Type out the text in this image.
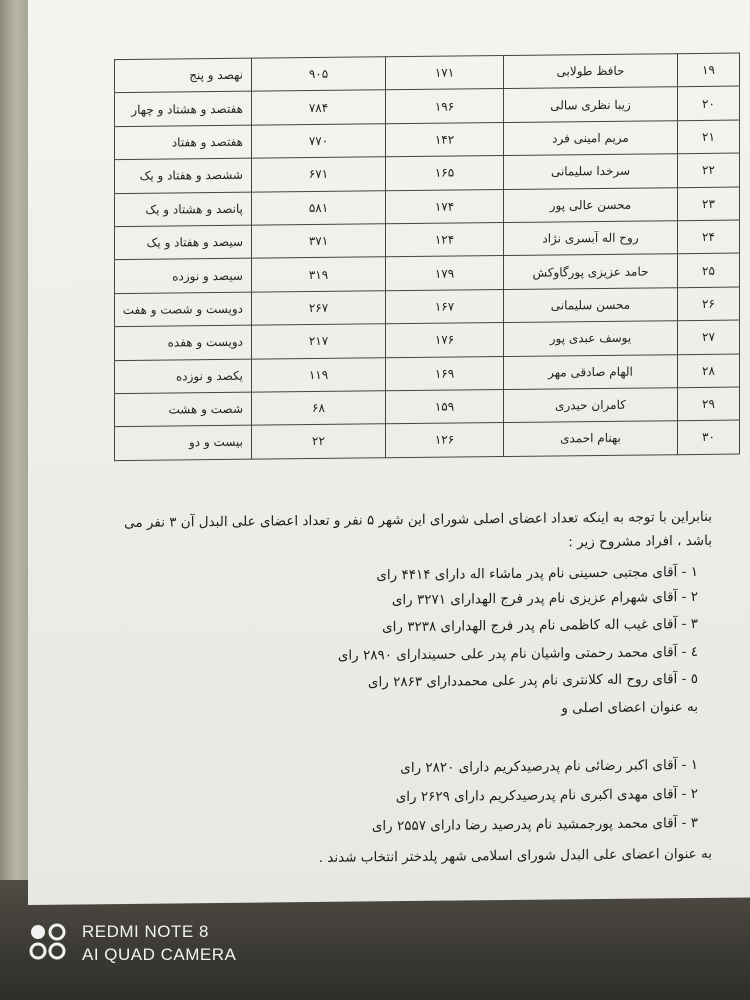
۱۹	حافظ طولابی	۱۷۱	۹۰۵	نهصد و پنج
۲۰	زیبا نظری سالی	۱۹۶	۷۸۴	هفتصد و هشتاد و چهار
۲۱	مریم امینی فرد	۱۴۲	۷۷۰	هفتصد و هفتاد
۲۲	سرخدا سلیمانی	۱۶۵	۶۷۱	ششصد و هفتاد و یک
۲۳	محسن عالی پور	۱۷۴	۵۸۱	پانصد و هشتاد و یک
۲۴	روح اله آبسری نژاد	۱۲۴	۳۷۱	سیصد و هفتاد و یک
۲۵	حامد عزیزی پورگاوکش	۱۷۹	۳۱۹	سیصد و نوزده
۲۶	محسن سلیمانی	۱۶۷	۲۶۷	دویست و شصت و هفت
۲۷	یوسف عبدی پور	۱۷۶	۲۱۷	دویست و هفده
۲۸	الهام صادقی مهر	۱۶۹	۱۱۹	یکصد و نوزده
۲۹	کامران حیدری	۱۵۹	۶۸	شصت و هشت
۳۰	بهنام احمدی	۱۲۶	۲۲	بیست و دو
بنابراین با توجه به اینکه تعداد اعضای اصلی شورای این شهر ۵ نفر و تعداد اعضای علی البدل آن ۳ نفر می
باشد ، افراد مشروح زیر :
۱ - آقای مجتبی حسینی نام پدر ماشاء اله دارای ۴۴۱۴ رای
۲ - آقای شهرام عزیزی نام پدر فرج الهدارای ۳۲۷۱ رای
۳ - آقای غیب اله کاظمی نام پدر فرج الهدارای ۳۲۳۸ رای
٤ - آقای محمد رحمتی واشیان نام پدر علی حسینداراى ۲۸۹۰ رای
٥ - آقای روح اله کلانتری نام پدر علی محمددارای ۲۸۶۳ رای
به عنوان اعضای اصلی و
۱ - آقای اکبر رضائی نام پدرصیدکریم دارای ۲۸۲۰ رای
۲ - آقای مهدی اکبری نام پدرصیدکریم دارای ۲۶۲۹ رای
۳ - آقای محمد پورجمشید نام پدرصید رضا دارای ۲۵۵۷ رای
به عنوان اعضای علی البدل شورای اسلامی شهر پلدختر انتخاب شدند .
REDMI NOTE 8
AI QUAD CAMERA
